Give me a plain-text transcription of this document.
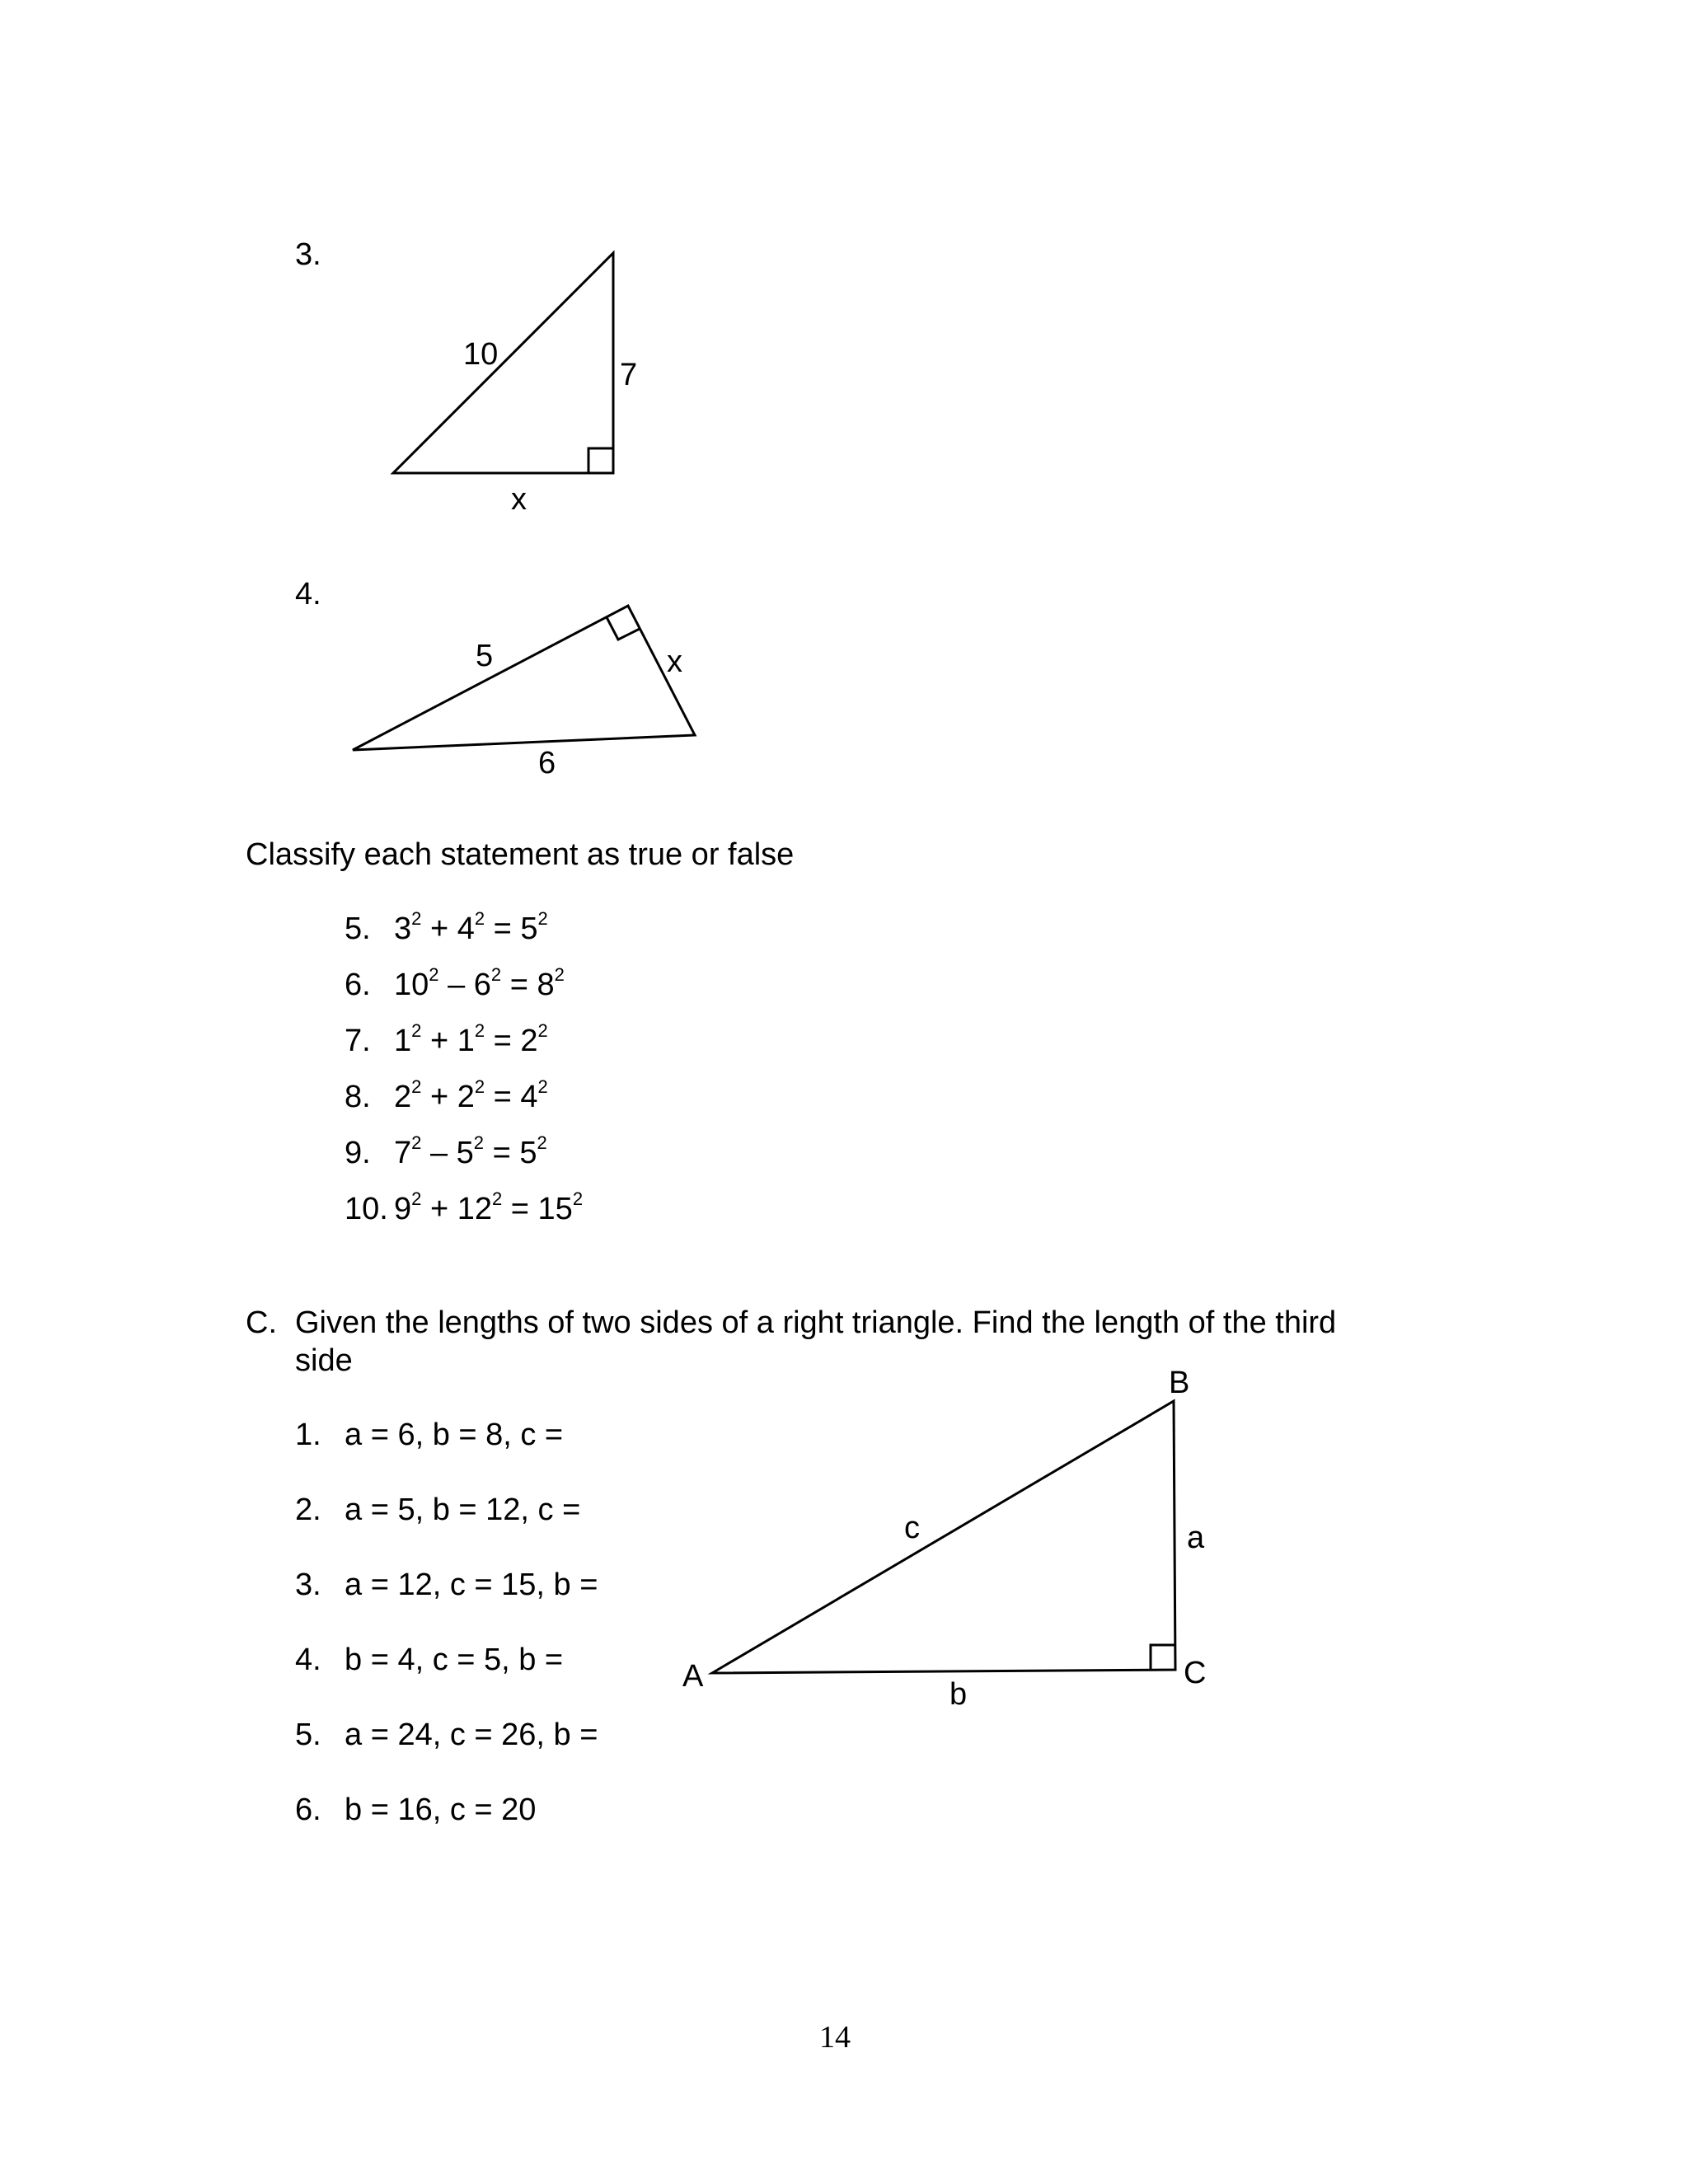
3.
10
7
x
5	x
6
A
B
C
a
b
c
4.
Classify each statement as true or false
5. $3^2 + 4^2 = 5^2$
6. $10^2 - 6^2 = 8^2$
7. $1^2 + 1^2 = 2^2$
8. $2^2 + 2^2 = 4^2$
9. $7^2 - 5^2 = 5^2$
10. $9^2 + 12^2 = 15^2$
C. Given the lengths of two sides of a right triangle. Find the length of the third
side
1. a = 6, b = 8, c =
2. a = 5, b = 12, c =
3. a = 12, c = 15, b =
4. b = 4, c = 5, b =
5. a = 24, c = 26, b =
6. b = 16, c = 20
14
